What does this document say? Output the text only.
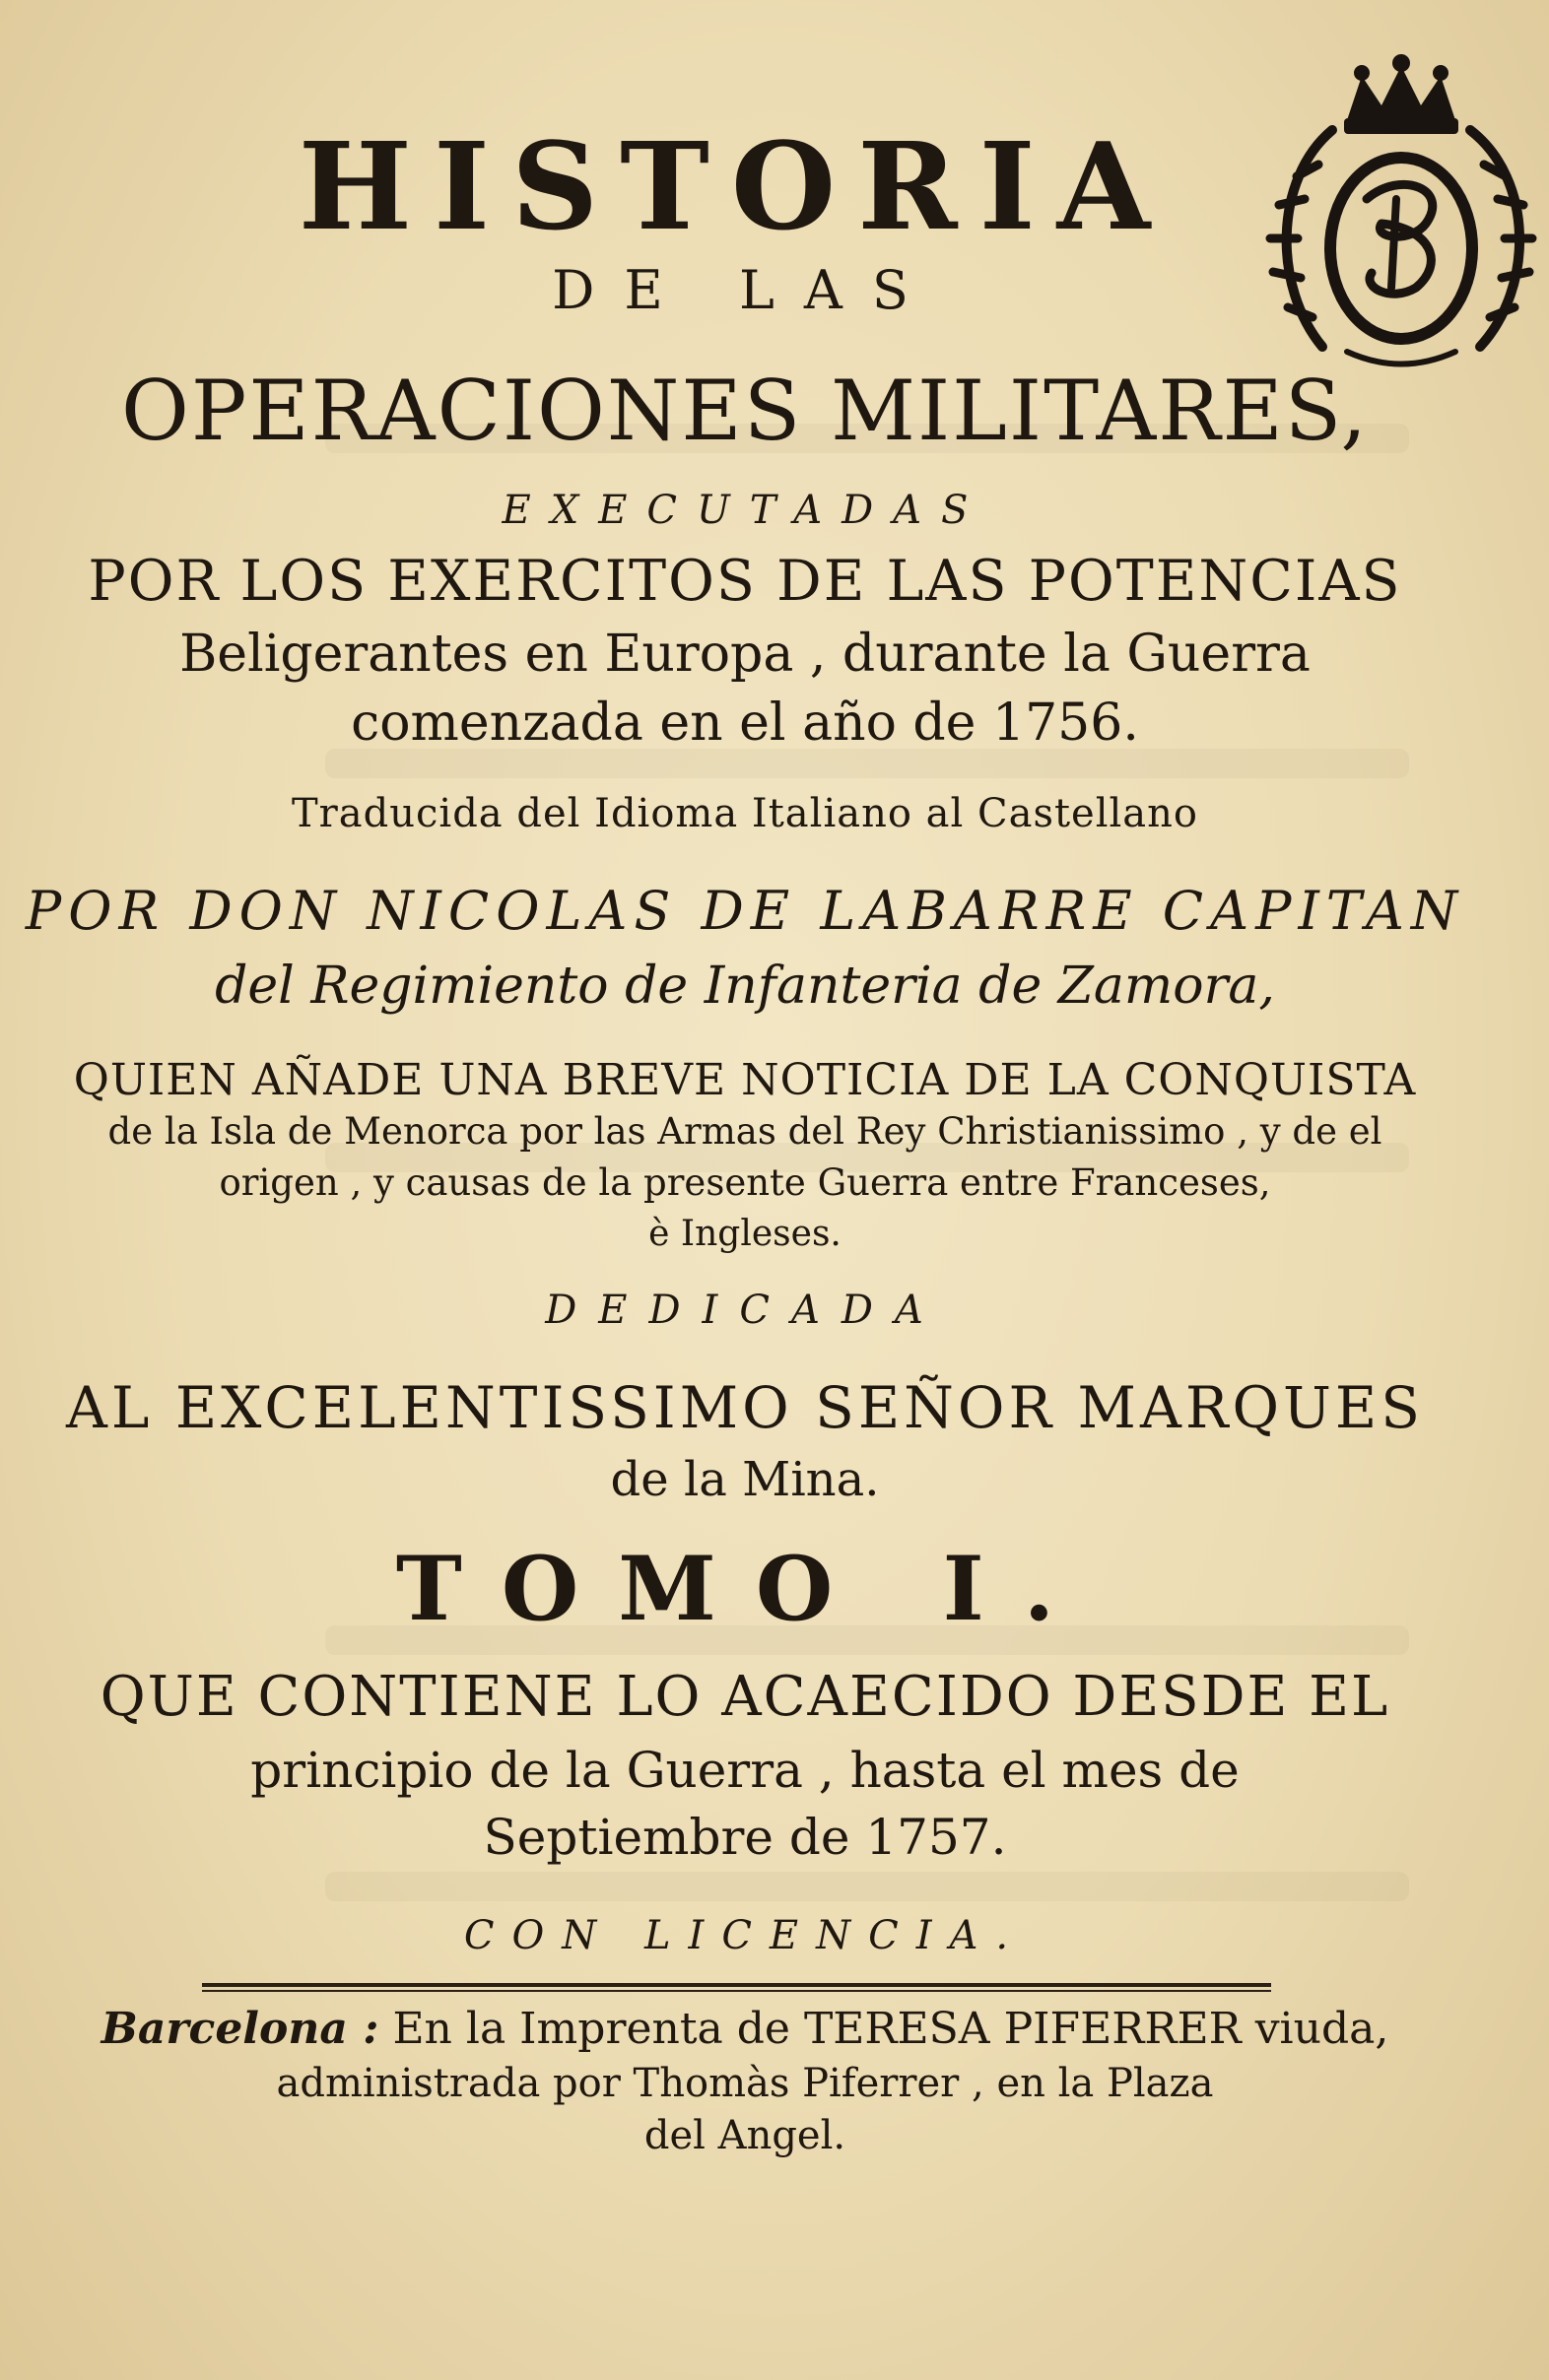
HISTORIA
DE LAS
OPERACIONES MILITARES,
EXECUTADAS
POR LOS EXERCITOS DE LAS POTENCIAS
Beligerantes en Europa , durante la Guerra
comenzada en el año de 1756.
Traducida del Idioma Italiano al Castellano
POR DON NICOLAS DE LABARRE CAPITAN
del Regimiento de Infanteria de Zamora,
QUIEN AÑADE UNA BREVE NOTICIA DE LA CONQUISTA
de la Isla de Menorca por las Armas del Rey Christianissimo , y de el
origen , y causas de la presente Guerra entre Franceses,
è Ingleses.
DEDICADA
AL EXCELENTISSIMO SEÑOR MARQUES
de la Mina.
TOMO I.
QUE CONTIENE LO ACAECIDO DESDE EL
principio de la Guerra , hasta el mes de
Septiembre de 1757.
CON LICENCIA.
Barcelona : En la Imprenta de TERESA PIFERRER viuda,
administrada por Thomàs Piferrer , en la Plaza
del Angel.
